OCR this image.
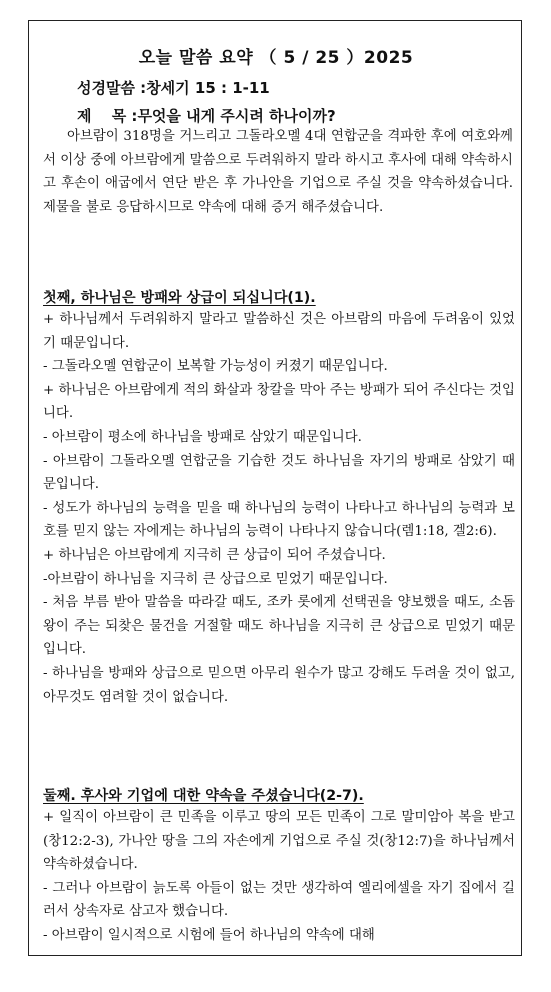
오늘 말씀 요약 （ 5 / 25 ）2025
성경말씀 :창세기 15 : 1-11
제　 목 :무엇을 내게 주시려 하나이까?

아브람이 318명을 거느리고 그돌라오멜 4대 연합군을 격파한 후에 여호와께서 이상 중에 아브람에게 말씀으로 두려워하지 말라 하시고 후사에 대해 약속하시고 후손이 애굽에서 연단 받은 후 가나안을 기업으로 주실 것을 약속하셨습니다. 제물을 불로 응답하시므로 약속에 대해 증거 해주셨습니다.

첫째, 하나님은 방패와 상급이 되십니다(1).
+ 하나님께서 두려워하지 말라고 말씀하신 것은 아브람의 마음에 두려움이 있었기 때문입니다.
- 그돌라오멜 연합군이 보복할 가능성이 커졌기 때문입니다.
+ 하나님은 아브람에게 적의 화살과 창칼을 막아 주는 방패가 되어 주신다는 것입니다.
- 아브람이 평소에 하나님을 방패로 삼았기 때문입니다.
- 아브람이 그돌라오멜 연합군을 기습한 것도 하나님을 자기의 방패로 삼았기 때문입니다.
- 성도가 하나님의 능력을 믿을 때 하나님의 능력이 나타나고 하나님의 능력과 보호를 믿지 않는 자에게는 하나님의 능력이 나타나지 않습니다(렘1:18, 겔2:6).
+ 하나님은 아브람에게 지극히 큰 상급이 되어 주셨습니다.
-아브람이 하나님을 지극히 큰 상급으로 믿었기 때문입니다.
- 처음 부름 받아 말씀을 따라갈 때도, 조카 롯에게 선택권을 양보했을 때도, 소돔왕이 주는 되찾은 물건을 거절할 때도 하나님을 지극히 큰 상급으로 믿었기 때문입니다.
- 하나님을 방패와 상급으로 믿으면 아무리 원수가 많고 강해도 두려울 것이 없고, 아무것도 염려할 것이 없습니다.
둘째. 후사와 기업에 대한 약속을 주셨습니다(2-7).
+ 일직이 아브람이 큰 민족을 이루고 땅의 모든 민족이 그로 말미암아 복을 받고(창12:2-3), 가나안 땅을 그의 자손에게 기업으로 주실 것(창12:7)을 하나님께서 약속하셨습니다.
- 그러나 아브람이 늙도록 아들이 없는 것만 생각하여 엘리에셀을 자기 집에서 길러서 상속자로 삼고자 했습니다.
- 아브람이 일시적으로 시험에 들어 하나님의 약속에 대해
